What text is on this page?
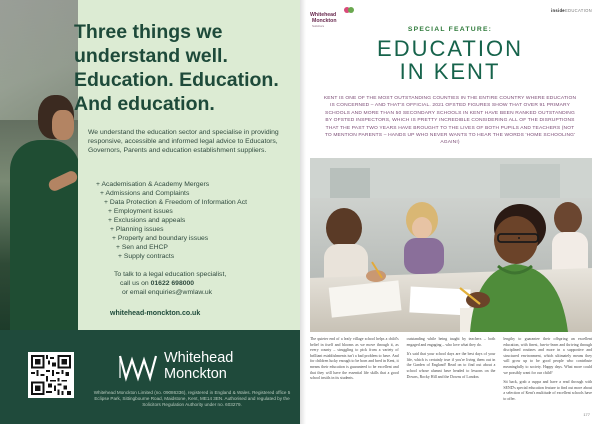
Three things we
understand well.
Education. Education.
And education.

We understand the education sector and specialise in providing responsive, accessible and informed legal advice to Educators, Governors, Parents and education establishment suppliers.

+ Academisation & Academy Mergers
+ Admissions and Complaints
+ Data Protection & Freedom of Information Act
+ Employment issues
+ Exclusions and appeals
+ Planning issues
+ Property and boundary issues
+ Sen and EHCP
+ Supply contracts
To talk to a legal education specialist,
call us on 01622 698000
or email enquiries@wmlaw.uk
whitehead-monckton.co.uk
Whitehead
Monckton

Whitehead Monckton Limited (no. 09086336), registered in England & Wales. Registered office 5 Eclipse Park, Sittingbourne Road, Maidstone, Kent, ME14 3EN. Authorised and regulated by the Solicitors Regulation Authority under no. 603279.

Whitehead
Monckton
Solicitors
insideEDUCATION
SPECIAL FEATURE:
EDUCATION
IN KENT

KENT IS ONE OF THE MOST OUTSTANDING COUNTIES IN THE ENTIRE COUNTRY WHERE EDUCATION IS CONCERNED – AND THAT'S OFFICIAL. 2021 OFSTED FIGURES SHOW THAT OVER 91 PRIMARY SCHOOLS AND MORE THAN 50 SECONDARY SCHOOLS IN KENT HAVE BEEN RANKED OUTSTANDING BY OFSTED INSPECTORS, WHICH IS PRETTY INCREDIBLE CONSIDERING ALL OF THE DISRUPTIONS THAT THE PAST TWO YEARS HAVE BROUGHT TO THE LIVES OF BOTH PUPILS AND TEACHERS (NOT TO MENTION PARENTS – HANDS UP WHO NEVER WANTS TO HEAR THE WORDS 'HOME SCHOOLING' AGAIN!)

The quieter end of a leafy village school helps a child's belief in itself and blooms as we move through it, as every county – struggling to pick from a variety of brilliant establishments isn't a bad problem to have. And for children lucky enough to be born and bred in Kent, it means their education is guaranteed to be excellent and that they will have the essential life skills that a good school instils in its students.

outstanding while being taught by teachers – both engaged and engaging – who love what they do.

It's said that your school days are the best days of your life, which is certainly true if you're living them out in the Garden of England! Read on to find out about a school whose alumni have headed to lessons on the Downs, Rocky Hill and the Downs of London.

lengthy to guarantee their offspring an excellent education, with finest, fun-to-learn and thriving through disciplined routines and more in a supportive and structured environment, which ultimately means they will grow up to be good people who contribute meaningfully to society. Happy days. What more could we possibly want for our child?

Sit back, grab a cuppa and have a read through with SEND's special education feature to find out more about a selection of Kent's multitude of excellent schools have to offer.

177
